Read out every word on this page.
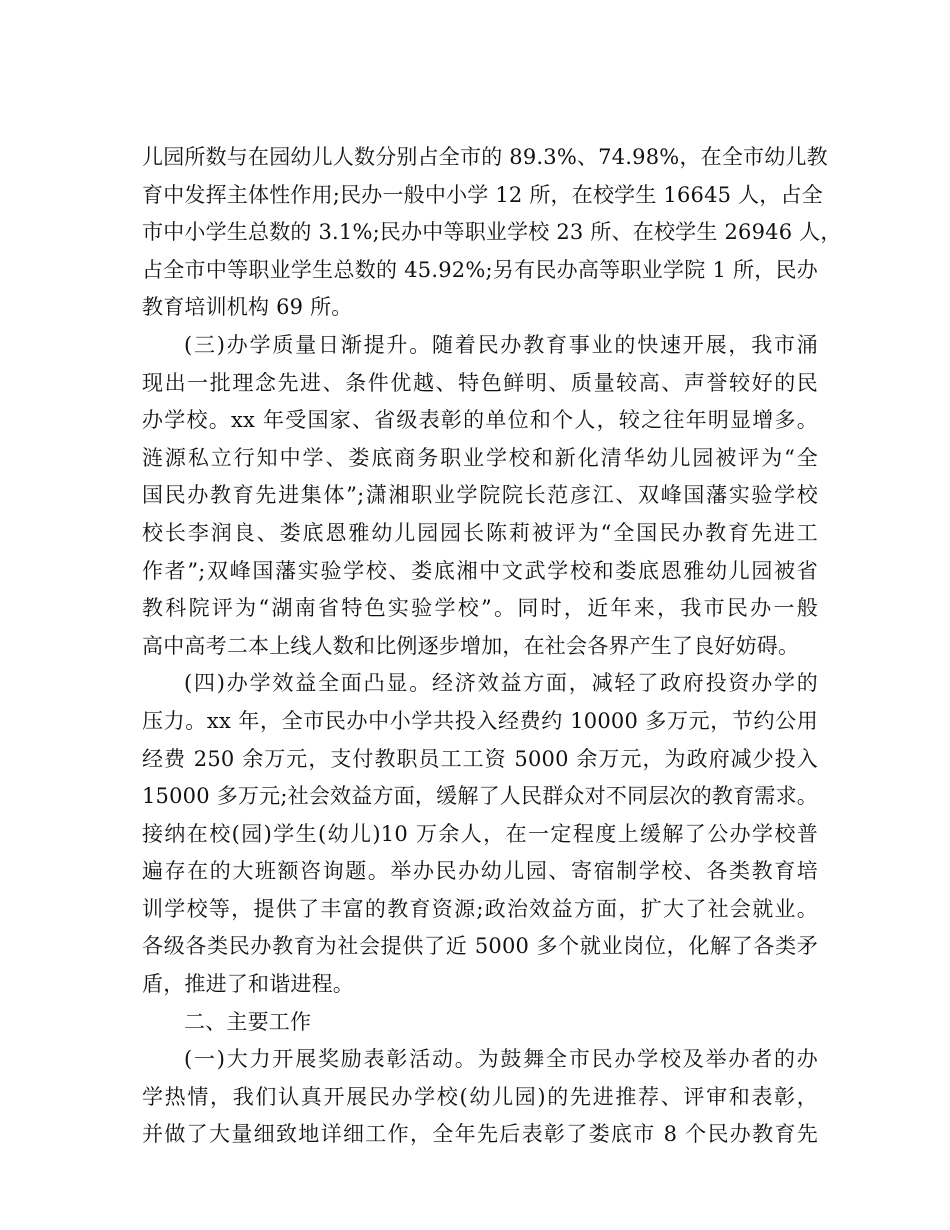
儿园所数与在园幼儿人数分别占全市的 89.3%、74.98%，在全市幼儿教
育中发挥主体性作用;民办一般中小学 12 所，在校学生 16645 人，占全
市中小学生总数的 3.1%;民办中等职业学校 23 所、在校学生 26946 人，
占全市中等职业学生总数的 45.92%;另有民办高等职业学院 1 所，民办
教育培训机构 69 所。
(三)办学质量日渐提升。随着民办教育事业的快速开展，我市涌
现出一批理念先进、条件优越、特色鲜明、质量较高、声誉较好的民
办学校。xx 年受国家、省级表彰的单位和个人，较之往年明显增多。
涟源私立行知中学、娄底商务职业学校和新化清华幼儿园被评为“全
国民办教育先进集体”;潇湘职业学院院长范彦江、双峰国藩实验学校
校长李润良、娄底恩雅幼儿园园长陈莉被评为“全国民办教育先进工
作者”;双峰国藩实验学校、娄底湘中文武学校和娄底恩雅幼儿园被省
教科院评为“湖南省特色实验学校”。同时，近年来，我市民办一般
高中高考二本上线人数和比例逐步增加，在社会各界产生了良好妨碍。
(四)办学效益全面凸显。经济效益方面，减轻了政府投资办学的
压力。xx 年，全市民办中小学共投入经费约 10000 多万元，节约公用
经费 250 余万元，支付教职员工工资 5000 余万元，为政府减少投入
15000 多万元;社会效益方面，缓解了人民群众对不同层次的教育需求。
接纳在校(园)学生(幼儿)10 万余人，在一定程度上缓解了公办学校普
遍存在的大班额咨询题。举办民办幼儿园、寄宿制学校、各类教育培
训学校等，提供了丰富的教育资源;政治效益方面，扩大了社会就业。
各级各类民办教育为社会提供了近 5000 多个就业岗位，化解了各类矛
盾，推进了和谐进程。
二、主要工作
(一)大力开展奖励表彰活动。为鼓舞全市民办学校及举办者的办
学热情，我们认真开展民办学校(幼儿园)的先进推荐、评审和表彰，
并做了大量细致地详细工作，全年先后表彰了娄底市 8 个民办教育先
